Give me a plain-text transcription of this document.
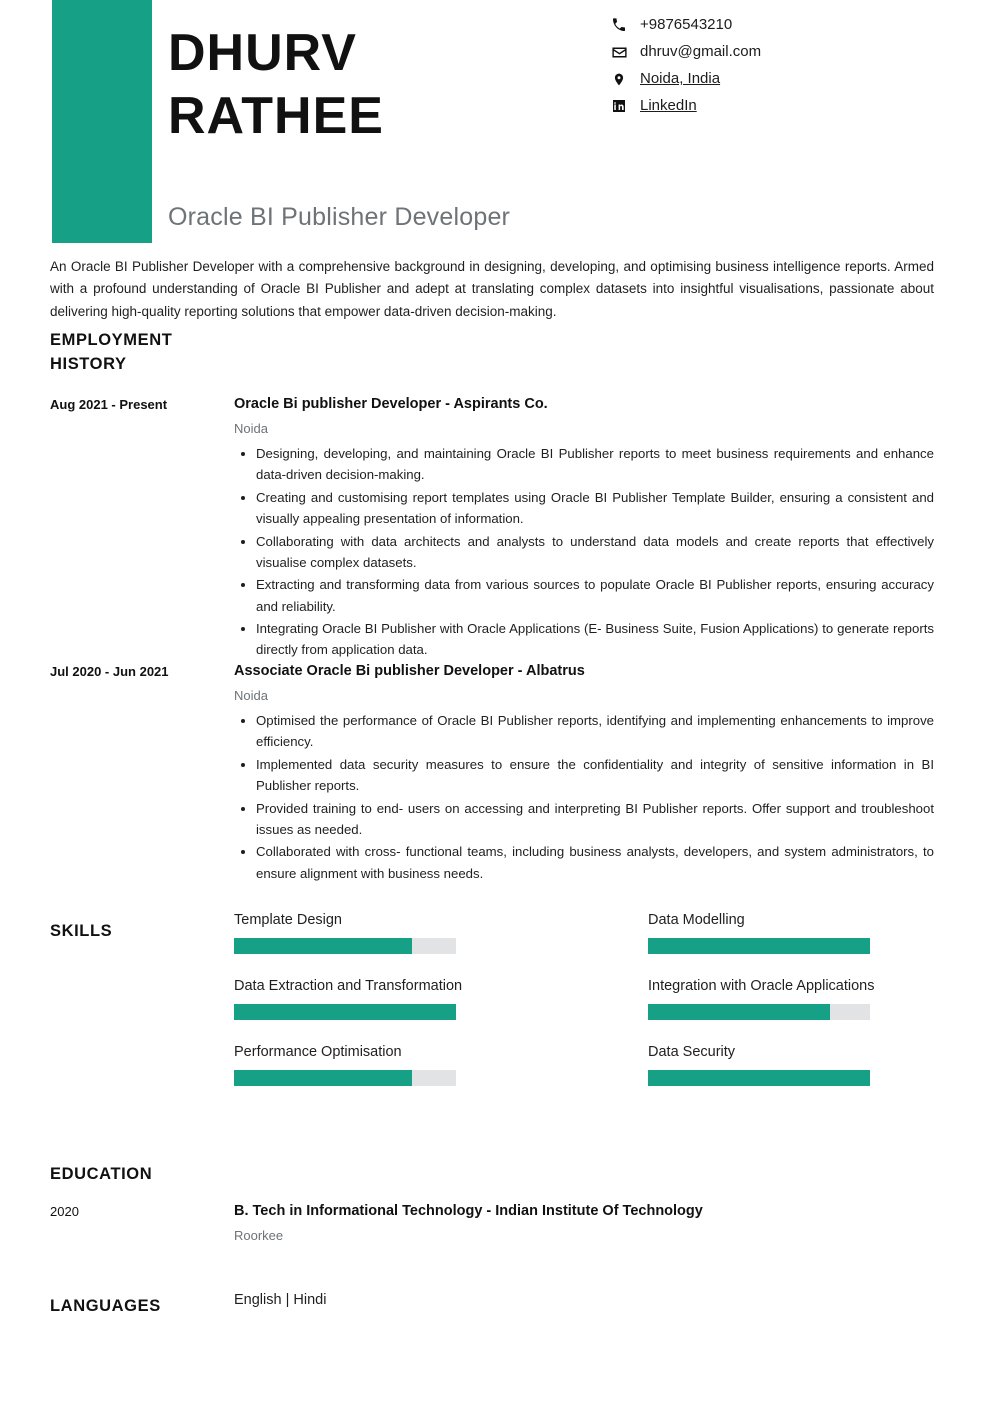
DHURV
RATHEE
Oracle BI Publisher Developer
+9876543210
dhruv@gmail.com
Noida, India
LinkedIn
An Oracle BI Publisher Developer with a comprehensive background in designing, developing, and optimising business intelligence reports. Armed with a profound understanding of Oracle BI Publisher and adept at translating complex datasets into insightful visualisations, passionate about delivering high-quality reporting solutions that empower data-driven decision-making.
EMPLOYMENT
HISTORY
Aug 2021 - Present	Oracle Bi publisher Developer - Aspirants Co.
Noida
• Designing, developing, and maintaining Oracle BI Publisher reports to meet business requirements and enhance data-driven decision-making.
• Creating and customising report templates using Oracle BI Publisher Template Builder, ensuring a consistent and visually appealing presentation of information.
• Collaborating with data architects and analysts to understand data models and create reports that effectively visualise complex datasets.
• Extracting and transforming data from various sources to populate Oracle BI Publisher reports, ensuring accuracy and reliability.
• Integrating Oracle BI Publisher with Oracle Applications (E- Business Suite, Fusion Applications) to generate reports directly from application data.
Jul 2020 - Jun 2021	Associate Oracle Bi publisher Developer - Albatrus
Noida
• Optimised the performance of Oracle BI Publisher reports, identifying and implementing enhancements to improve efficiency.
• Implemented data security measures to ensure the confidentiality and integrity of sensitive information in BI Publisher reports.
• Provided training to end- users on accessing and interpreting BI Publisher reports. Offer support and troubleshoot issues as needed.
• Collaborated with cross- functional teams, including business analysts, developers, and system administrators, to ensure alignment with business needs.
SKILLS
Template Design	Data Modelling
Data Extraction and Transformation	Integration with Oracle Applications
Performance Optimisation	Data Security
EDUCATION
2020	B. Tech in Informational Technology - Indian Institute Of Technology
Roorkee
LANGUAGES	English | Hindi
